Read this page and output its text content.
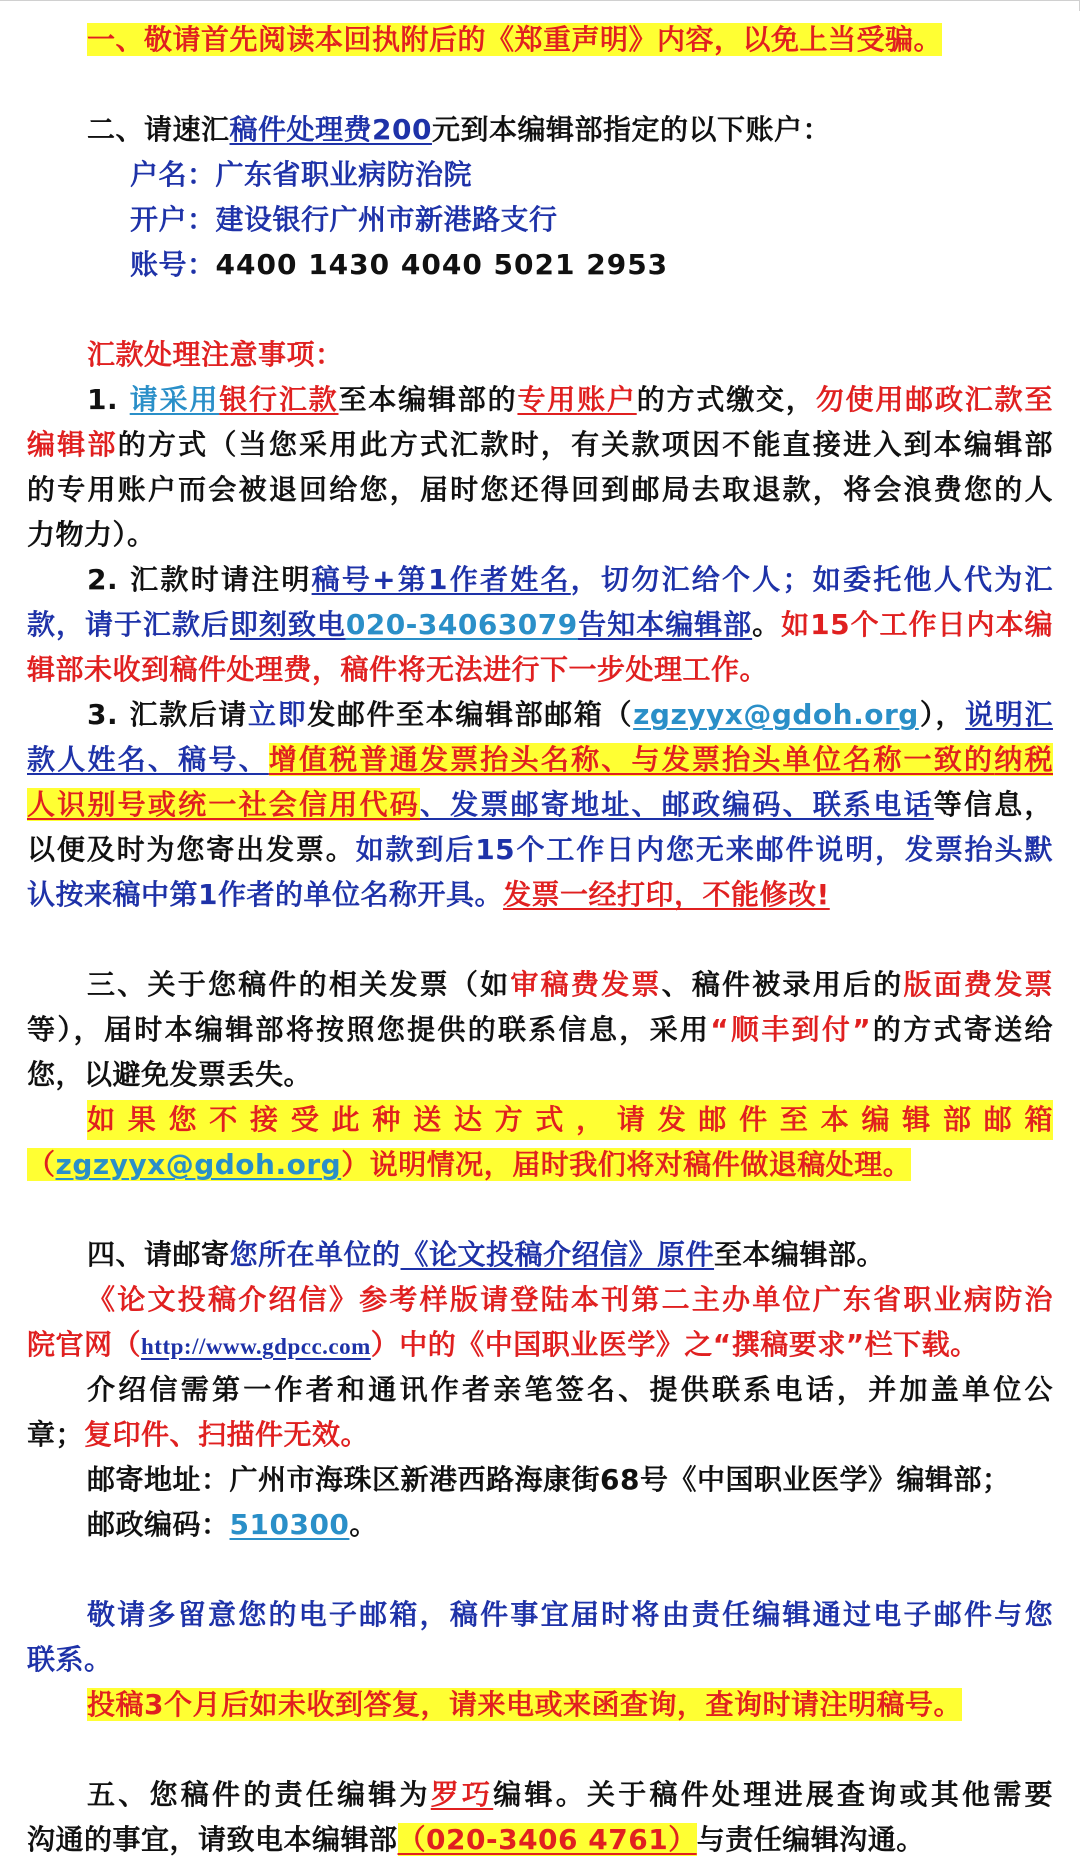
一、敬请首先阅读本回执附后的《郑重声明》内容，以免上当受骗。
二、请速汇稿件处理费200元到本编辑部指定的以下账户：
户名：广东省职业病防治院
开户：建设银行广州市新港路支行
账号：4400 1430 4040 5021 2953
汇款处理注意事项：
1. 请采用银行汇款至本编辑部的专用账户的方式缴交，勿使用邮政汇款至
编辑部的方式（当您采用此方式汇款时，有关款项因不能直接进入到本编辑部
的专用账户而会被退回给您，届时您还得回到邮局去取退款，将会浪费您的人
力物力）。
2. 汇款时请注明稿号+第1作者姓名，切勿汇给个人；如委托他人代为汇
款，请于汇款后即刻致电020-34063079告知本编辑部。如15个工作日内本编
辑部未收到稿件处理费，稿件将无法进行下一步处理工作。
3. 汇款后请立即发邮件至本编辑部邮箱（zgzyyx@gdoh.org），说明汇
款人姓名、稿号、增值税普通发票抬头名称、与发票抬头单位名称一致的纳税
人识别号或统一社会信用代码、发票邮寄地址、邮政编码、联系电话等信息，
以便及时为您寄出发票。如款到后15个工作日内您无来邮件说明，发票抬头默
认按来稿中第1作者的单位名称开具。发票一经打印，不能修改!
三、关于您稿件的相关发票（如审稿费发票、稿件被录用后的版面费发票
等），届时本编辑部将按照您提供的联系信息，采用“顺丰到付”的方式寄送给
您，以避免发票丢失。
如果您不接受此种送达方式，请发邮件至本编辑部邮箱
（zgzyyx@gdoh.org）说明情况，届时我们将对稿件做退稿处理。
四、请邮寄您所在单位的《论文投稿介绍信》原件至本编辑部。
《论文投稿介绍信》参考样版请登陆本刊第二主办单位广东省职业病防治
院官网（http://www.gdpcc.com）中的《中国职业医学》之“撰稿要求”栏下载。
介绍信需第一作者和通讯作者亲笔签名、提供联系电话，并加盖单位公
章；复印件、扫描件无效。
邮寄地址：广州市海珠区新港西路海康街68号《中国职业医学》编辑部；
邮政编码：510300。
敬请多留意您的电子邮箱，稿件事宜届时将由责任编辑通过电子邮件与您
联系。
投稿3个月后如未收到答复，请来电或来函查询，查询时请注明稿号。
五、您稿件的责任编辑为罗巧编辑。关于稿件处理进展查询或其他需要
沟通的事宜，请致电本编辑部（020-3406 4761）与责任编辑沟通。
